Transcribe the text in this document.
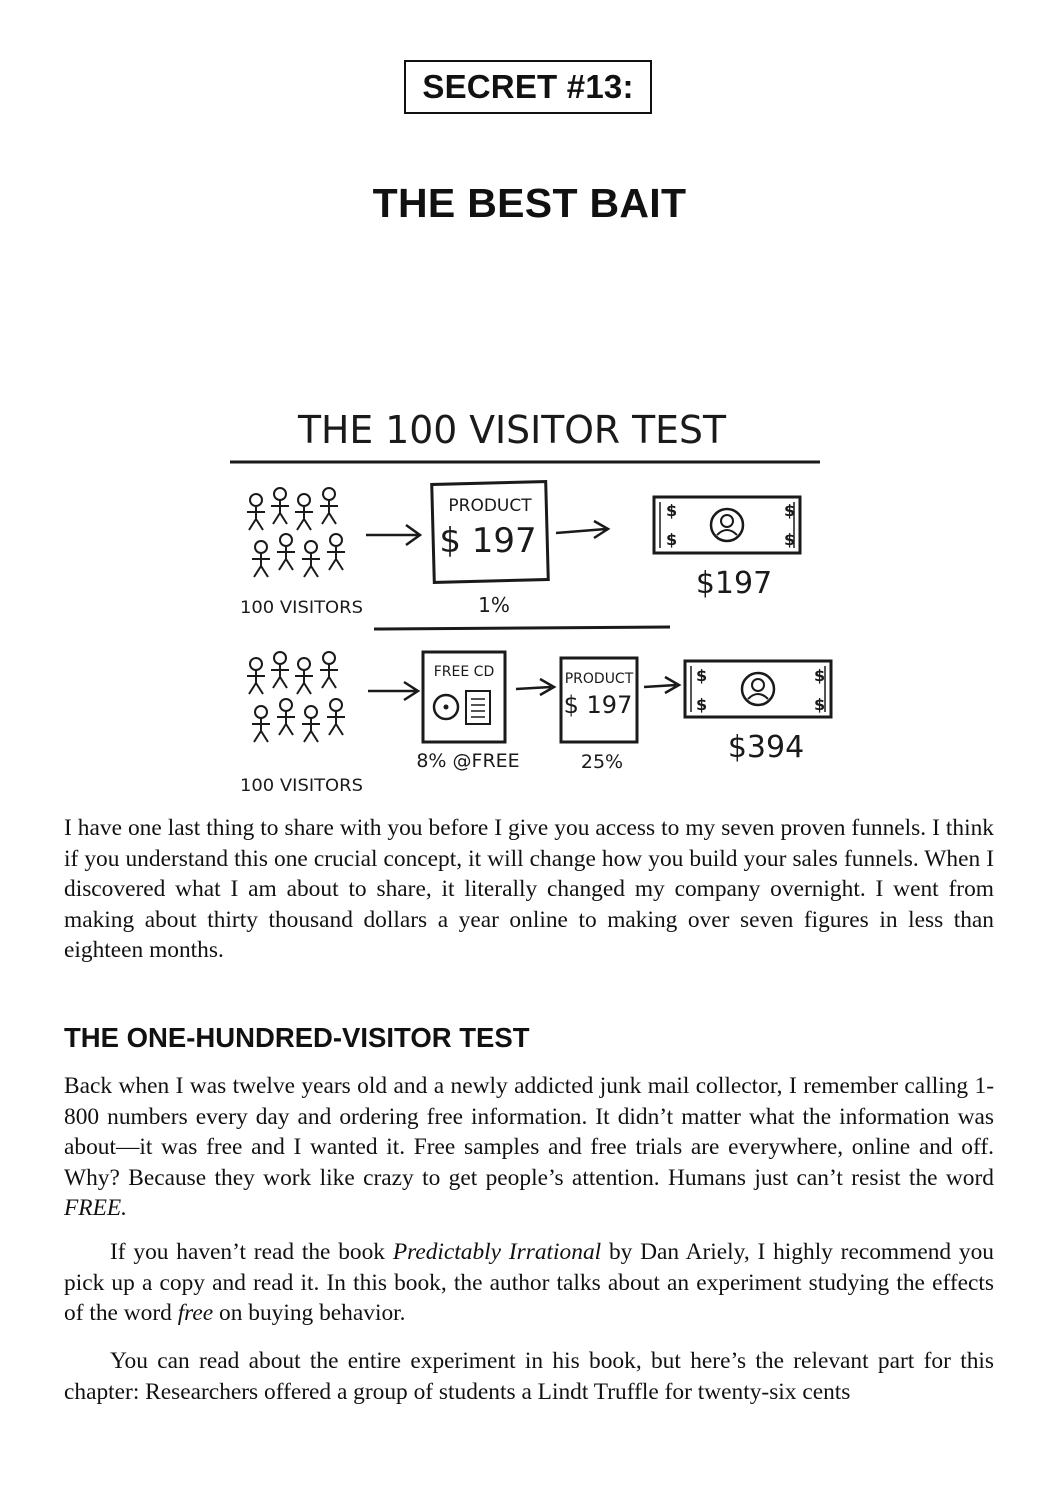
SECRET #13:
THE BEST BAIT
THE 100 VISITOR TEST
100 VISITORS
PRODUCT
$ 197
1%
$
$
$
$
$197
100 VISITORS
FREE CD
8% @FREE
PRODUCT
$ 197
25%
$
$
$
$
$394

I have one last thing to share with you before I give you access to my seven proven funnels. I think if you understand this one crucial concept, it will change how you build your sales funnels. When I discovered what I am about to share, it literally changed my company overnight. I went from making about thirty thousand dollars a year online to making over seven figures in less than eighteen months.

THE ONE-HUNDRED-VISITOR TEST

Back when I was twelve years old and a newly addicted junk mail collector, I remember calling 1-800 numbers every day and ordering free information. It didn’t matter what the information was about—it was free and I wanted it. Free samples and free trials are everywhere, online and off. Why? Because they work like crazy to get people’s attention. Humans just can’t resist the word FREE.

If you haven’t read the book Predictably Irrational by Dan Ariely, I highly recommend you pick up a copy and read it. In this book, the author talks about an experiment studying the effects of the word free on buying behavior.

You can read about the entire experiment in his book, but here’s the relevant part for this chapter: Researchers offered a group of students a Lindt Truffle for twenty-six cents
